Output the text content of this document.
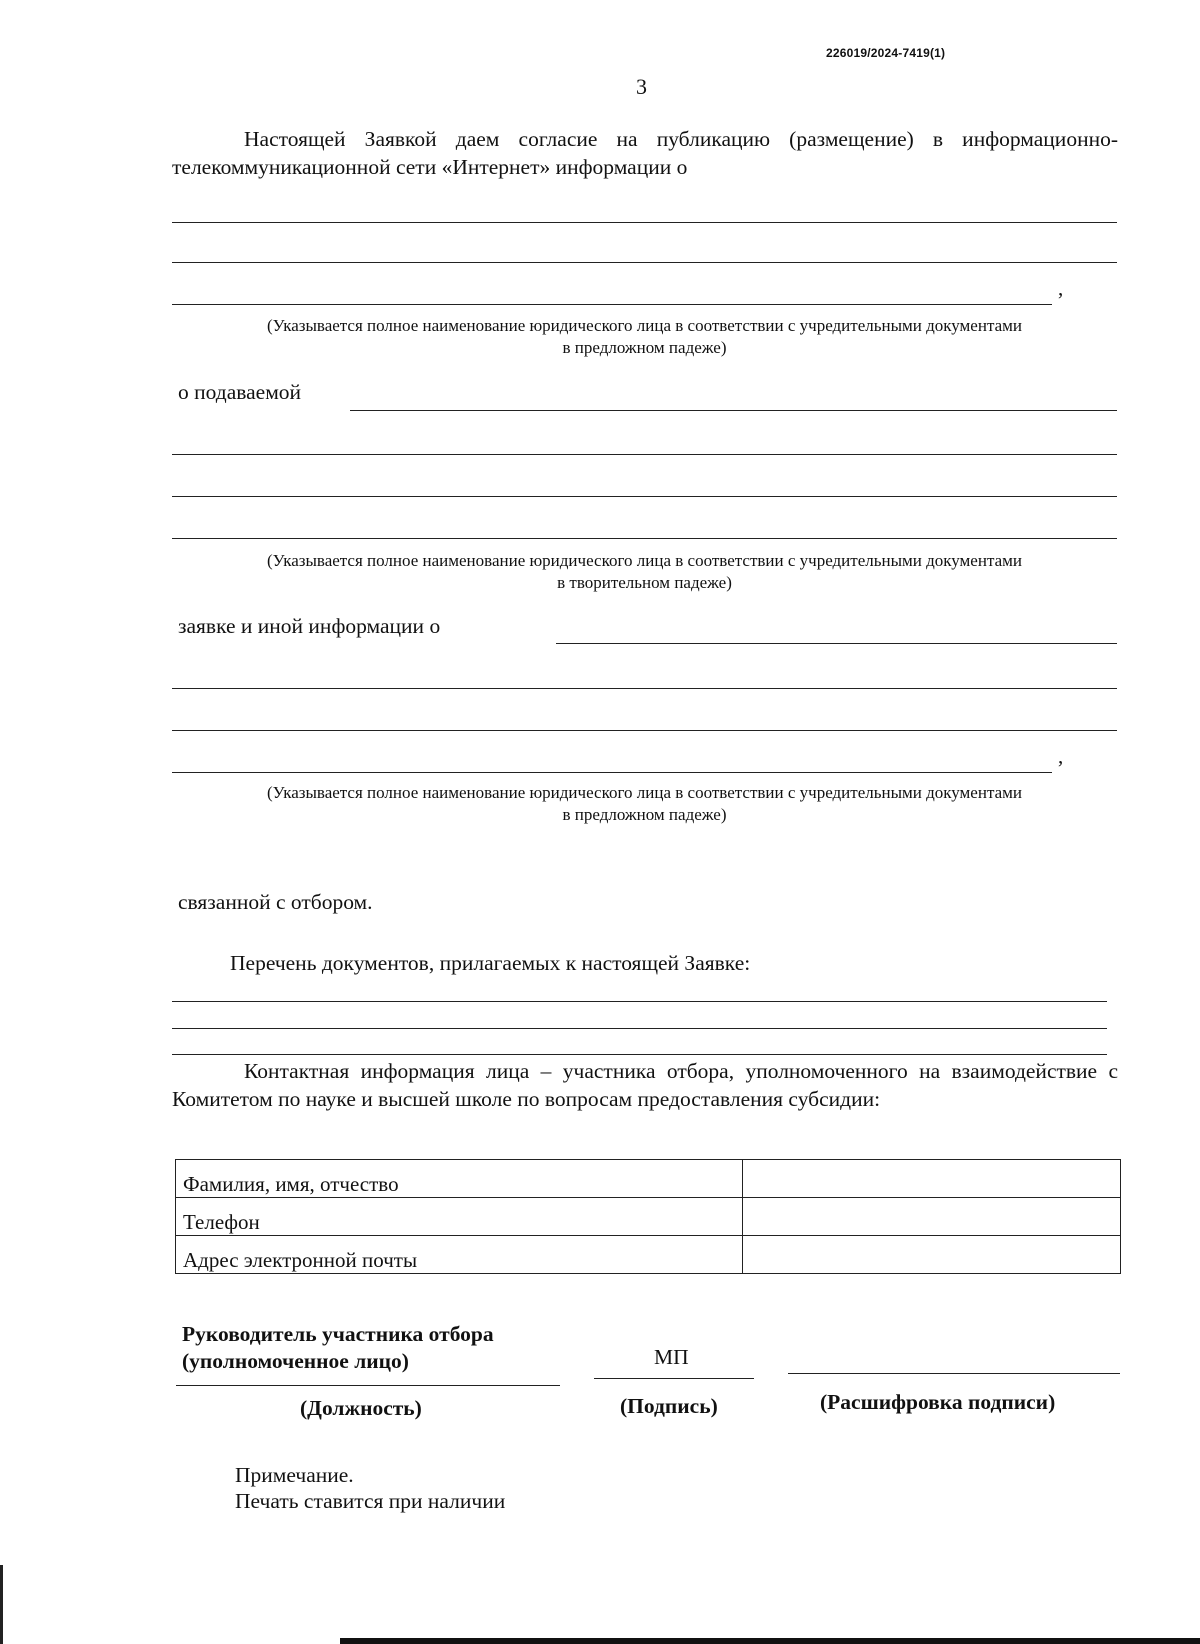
226019/2024-7419(1)
3
Настоящей Заявкой даем согласие на публикацию (размещение) в информационно-телекоммуникационной сети «Интернет» информации о
,
(Указывается полное наименование юридического лица в соответствии с учредительными документами
в предложном падеже)
о подаваемой
(Указывается полное наименование юридического лица в соответствии с учредительными документами
в творительном падеже)
заявке и иной информации о
,
(Указывается полное наименование юридического лица в соответствии с учредительными документами
в предложном падеже)
связанной с отбором.
Перечень документов, прилагаемых к настоящей Заявке:
Контактная информация лица – участника отбора, уполномоченного на взаимодействие с Комитетом по науке и высшей школе по вопросам предоставления субсидии:
Фамилия, имя, отчество	
Телефон	
Адрес электронной почты	
Руководитель участника отбора
(уполномоченное лицо)	МП
(Должность)	(Подпись)	(Расшифровка подписи)
Примечание.
Печать ставится при наличии
